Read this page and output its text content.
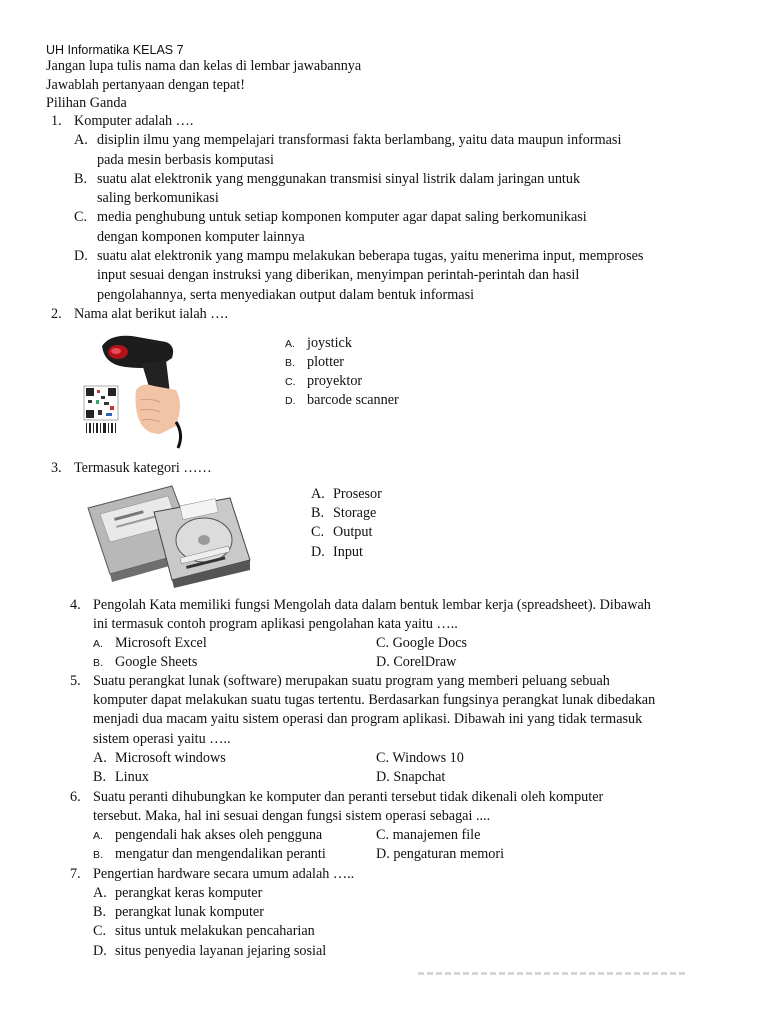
UH Informatika KELAS 7
Jangan lupa tulis nama dan kelas di lembar jawabannya
Jawablah pertanyaan dengan tepat!
Pilihan Ganda
1. Komputer adalah ….
A. disiplin ilmu yang mempelajari transformasi fakta berlambang, yaitu data maupun informasi
pada mesin berbasis komputasi
B. suatu alat elektronik yang menggunakan transmisi sinyal listrik dalam jaringan untuk
saling berkomunikasi
C. media penghubung untuk setiap komponen komputer agar dapat saling berkomunikasi
dengan komponen komputer lainnya
D. suatu alat elektronik yang mampu melakukan beberapa tugas, yaitu menerima input, memproses
input sesuai dengan instruksi yang diberikan, menyimpan perintah-perintah dan hasil
pengolahannya, serta menyediakan output dalam bentuk informasi
2. Nama alat berikut ialah ….
A. joystick
B. plotter
C. proyektor
D. barcode scanner
3. Termasuk kategori ……
A. Prosesor
B. Storage
C. Output
D. Input
4. Pengolah Kata memiliki fungsi Mengolah data dalam bentuk lembar kerja (spreadsheet). Dibawah
ini termasuk contoh program aplikasi pengolahan kata yaitu …..
A. Microsoft Excel	C. Google Docs
B. Google Sheets	D. CorelDraw
5. Suatu perangkat lunak (software) merupakan suatu program yang memberi peluang sebuah
komputer dapat melakukan suatu tugas tertentu. Berdasarkan fungsinya perangkat lunak dibedakan
menjadi dua macam yaitu sistem operasi dan program aplikasi. Dibawah ini yang tidak termasuk
sistem operasi yaitu …..
A. Microsoft windows	C. Windows 10
B. Linux	D. Snapchat
6. Suatu peranti dihubungkan ke komputer dan peranti tersebut tidak dikenali oleh komputer
tersebut. Maka, hal ini sesuai dengan fungsi sistem operasi sebagai ....
A. pengendali hak akses oleh pengguna	C. manajemen file
B. mengatur dan mengendalikan peranti	D. pengaturan memori
7. Pengertian hardware secara umum adalah …..
A. perangkat keras komputer
B. perangkat lunak komputer
C. situs untuk melakukan pencaharian
D. situs penyedia layanan jejaring sosial
